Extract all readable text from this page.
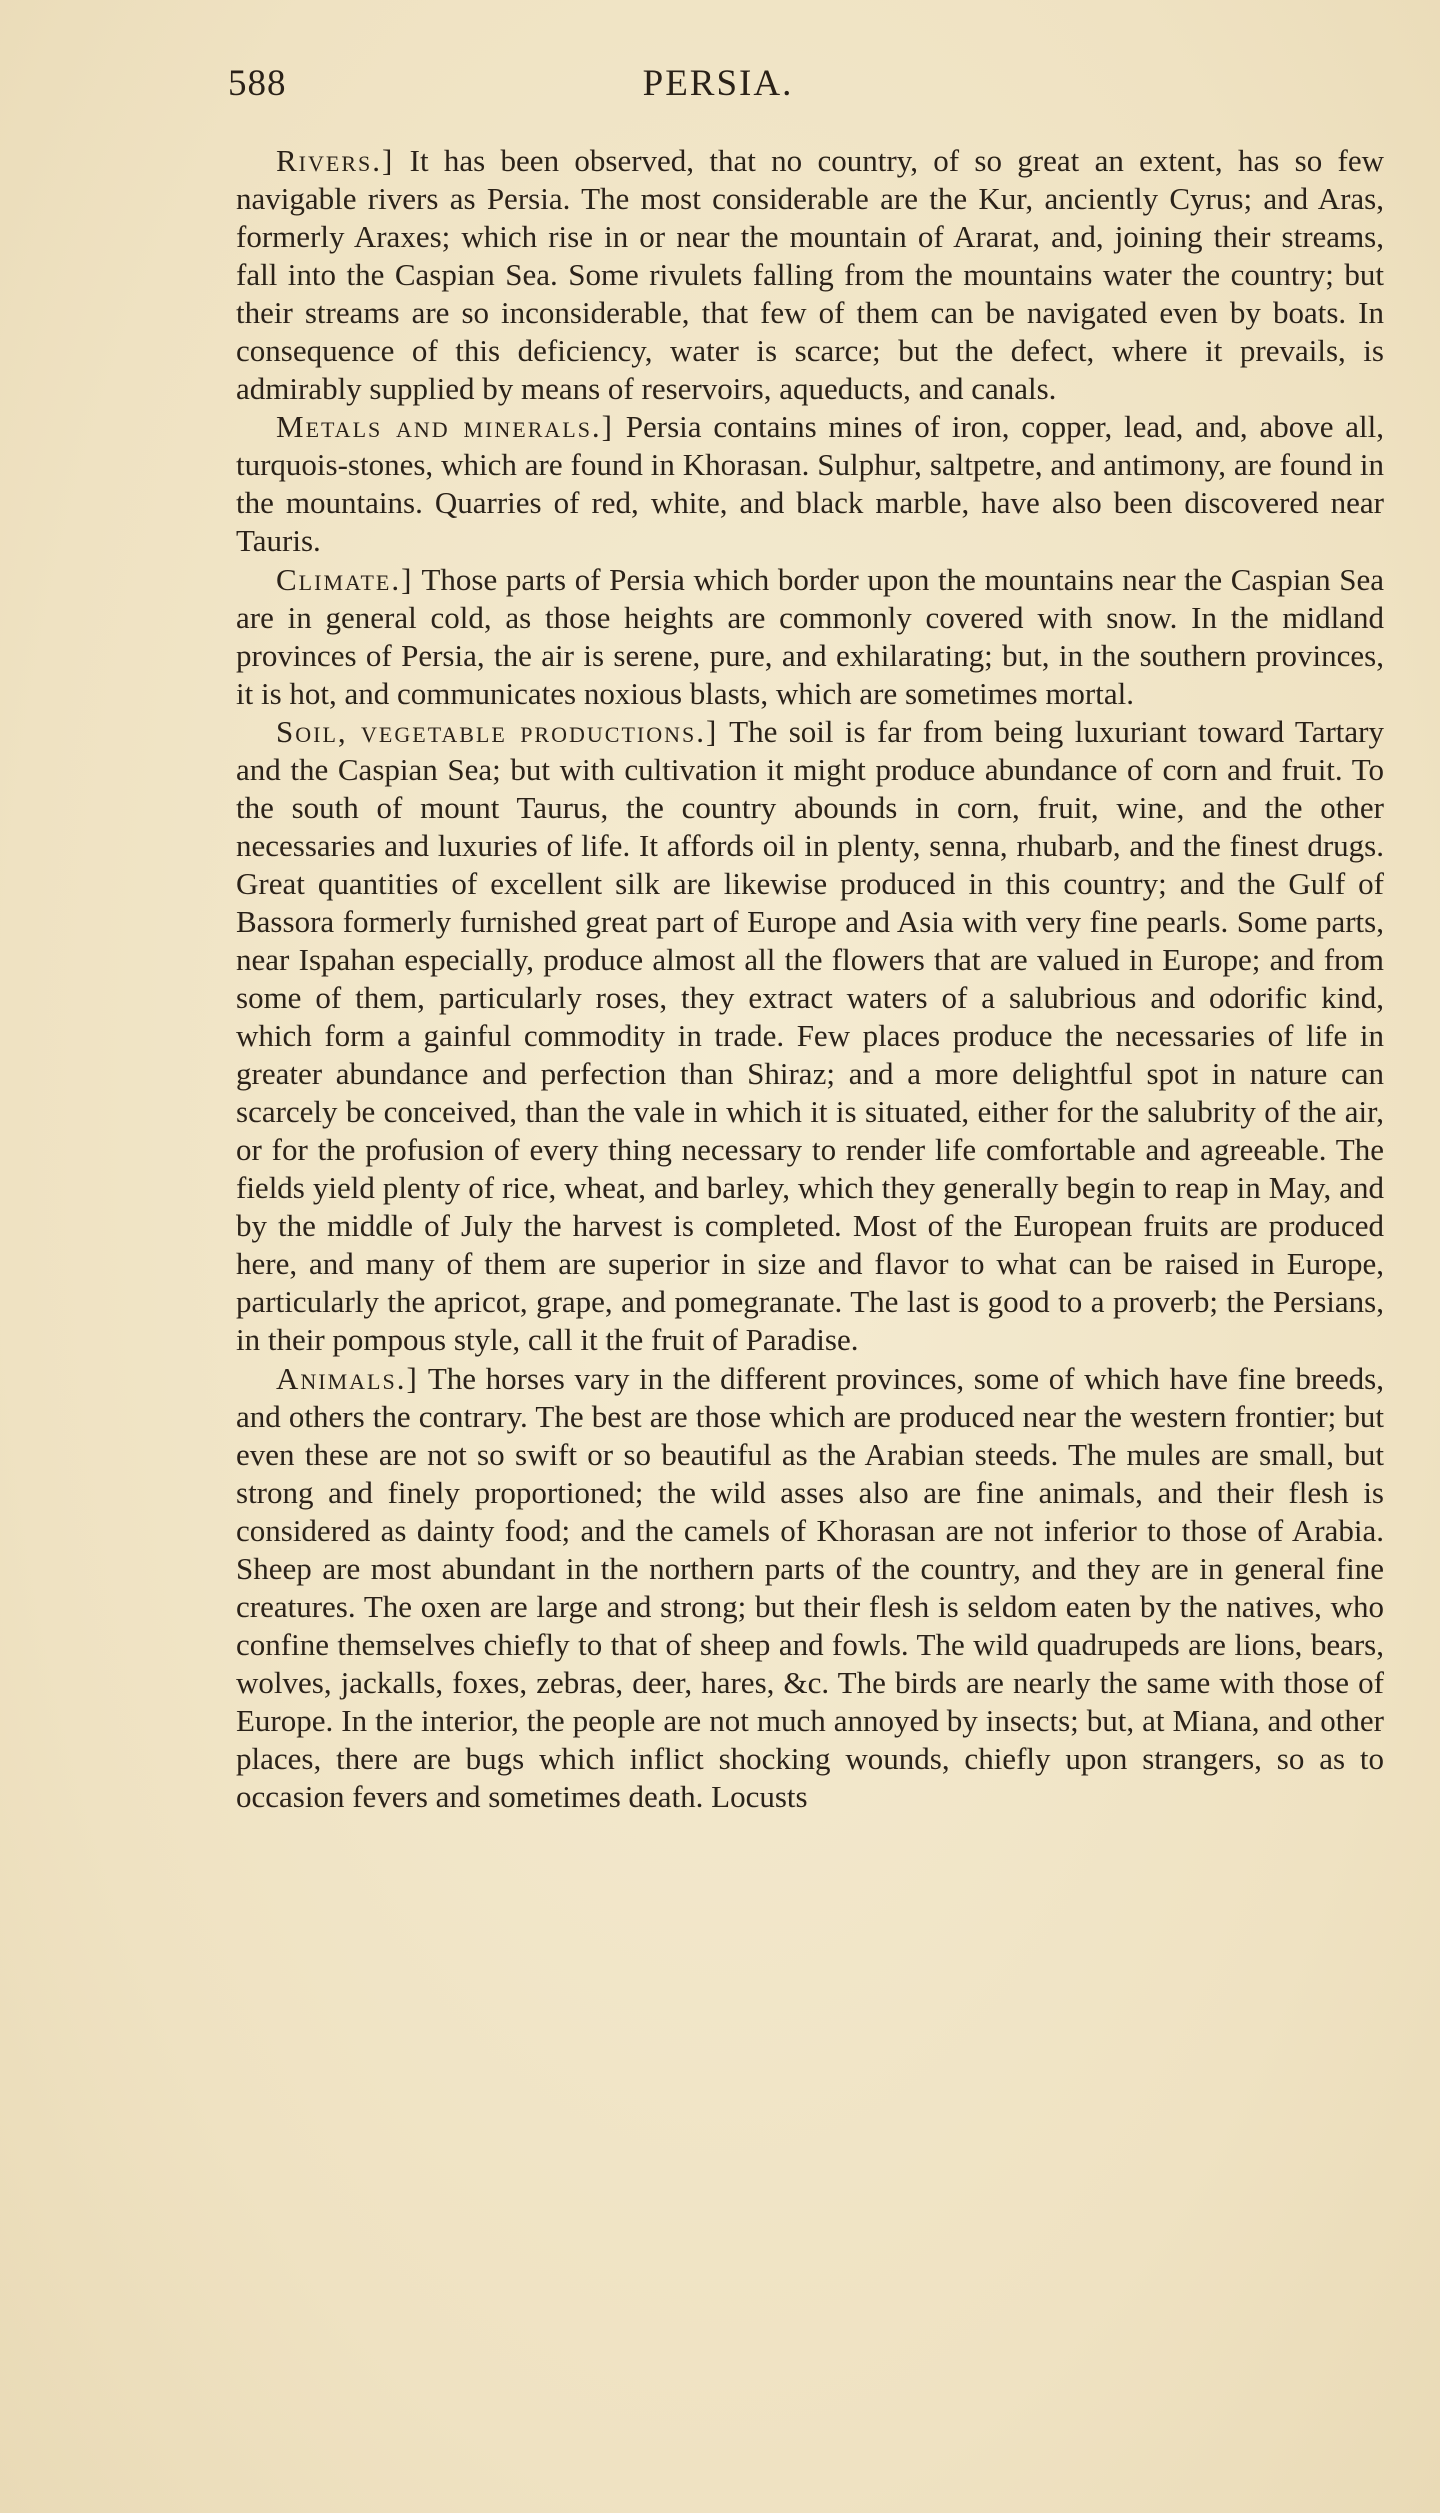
588	PERSIA.

Rivers.] It has been observed, that no country, of so great an extent, has so few navigable rivers as Persia. The most considerable are the Kur, anciently Cyrus; and Aras, formerly Araxes; which rise in or near the mountain of Ararat, and, joining their streams, fall into the Caspian Sea. Some rivulets falling from the mountains water the country; but their streams are so inconsiderable, that few of them can be navigated even by boats. In consequence of this deficiency, water is scarce; but the defect, where it prevails, is admirably supplied by means of reservoirs, aqueducts, and canals.

Metals and minerals.] Persia contains mines of iron, copper, lead, and, above all, turquois-stones, which are found in Khorasan. Sulphur, saltpetre, and antimony, are found in the mountains. Quarries of red, white, and black marble, have also been discovered near Tauris.

Climate.] Those parts of Persia which border upon the mountains near the Caspian Sea are in general cold, as those heights are commonly covered with snow. In the midland provinces of Persia, the air is serene, pure, and exhilarating; but, in the southern provinces, it is hot, and communicates noxious blasts, which are sometimes mortal.

Soil, vegetable productions.] The soil is far from being luxuriant toward Tartary and the Caspian Sea; but with cultivation it might produce abundance of corn and fruit. To the south of mount Taurus, the country abounds in corn, fruit, wine, and the other necessaries and luxuries of life. It affords oil in plenty, senna, rhubarb, and the finest drugs. Great quantities of excellent silk are likewise produced in this country; and the Gulf of Bassora formerly furnished great part of Europe and Asia with very fine pearls. Some parts, near Ispahan especially, produce almost all the flowers that are valued in Europe; and from some of them, particularly roses, they extract waters of a salubrious and odorific kind, which form a gainful commodity in trade. Few places produce the necessaries of life in greater abundance and perfection than Shiraz; and a more delightful spot in nature can scarcely be conceived, than the vale in which it is situated, either for the salubrity of the air, or for the profusion of every thing necessary to render life comfortable and agreeable. The fields yield plenty of rice, wheat, and barley, which they generally begin to reap in May, and by the middle of July the harvest is completed. Most of the European fruits are produced here, and many of them are superior in size and flavor to what can be raised in Europe, particularly the apricot, grape, and pomegranate. The last is good to a proverb; the Persians, in their pompous style, call it the fruit of Paradise.

Animals.] The horses vary in the different provinces, some of which have fine breeds, and others the contrary. The best are those which are produced near the western frontier; but even these are not so swift or so beautiful as the Arabian steeds. The mules are small, but strong and finely proportioned; the wild asses also are fine animals, and their flesh is considered as dainty food; and the camels of Khorasan are not inferior to those of Arabia. Sheep are most abundant in the northern parts of the country, and they are in general fine creatures. The oxen are large and strong; but their flesh is seldom eaten by the natives, who confine themselves chiefly to that of sheep and fowls. The wild quadrupeds are lions, bears, wolves, jackalls, foxes, zebras, deer, hares, &c. The birds are nearly the same with those of Europe. In the interior, the people are not much annoyed by insects; but, at Miana, and other places, there are bugs which inflict shocking wounds, chiefly upon strangers, so as to occasion fevers and sometimes death. Locusts
